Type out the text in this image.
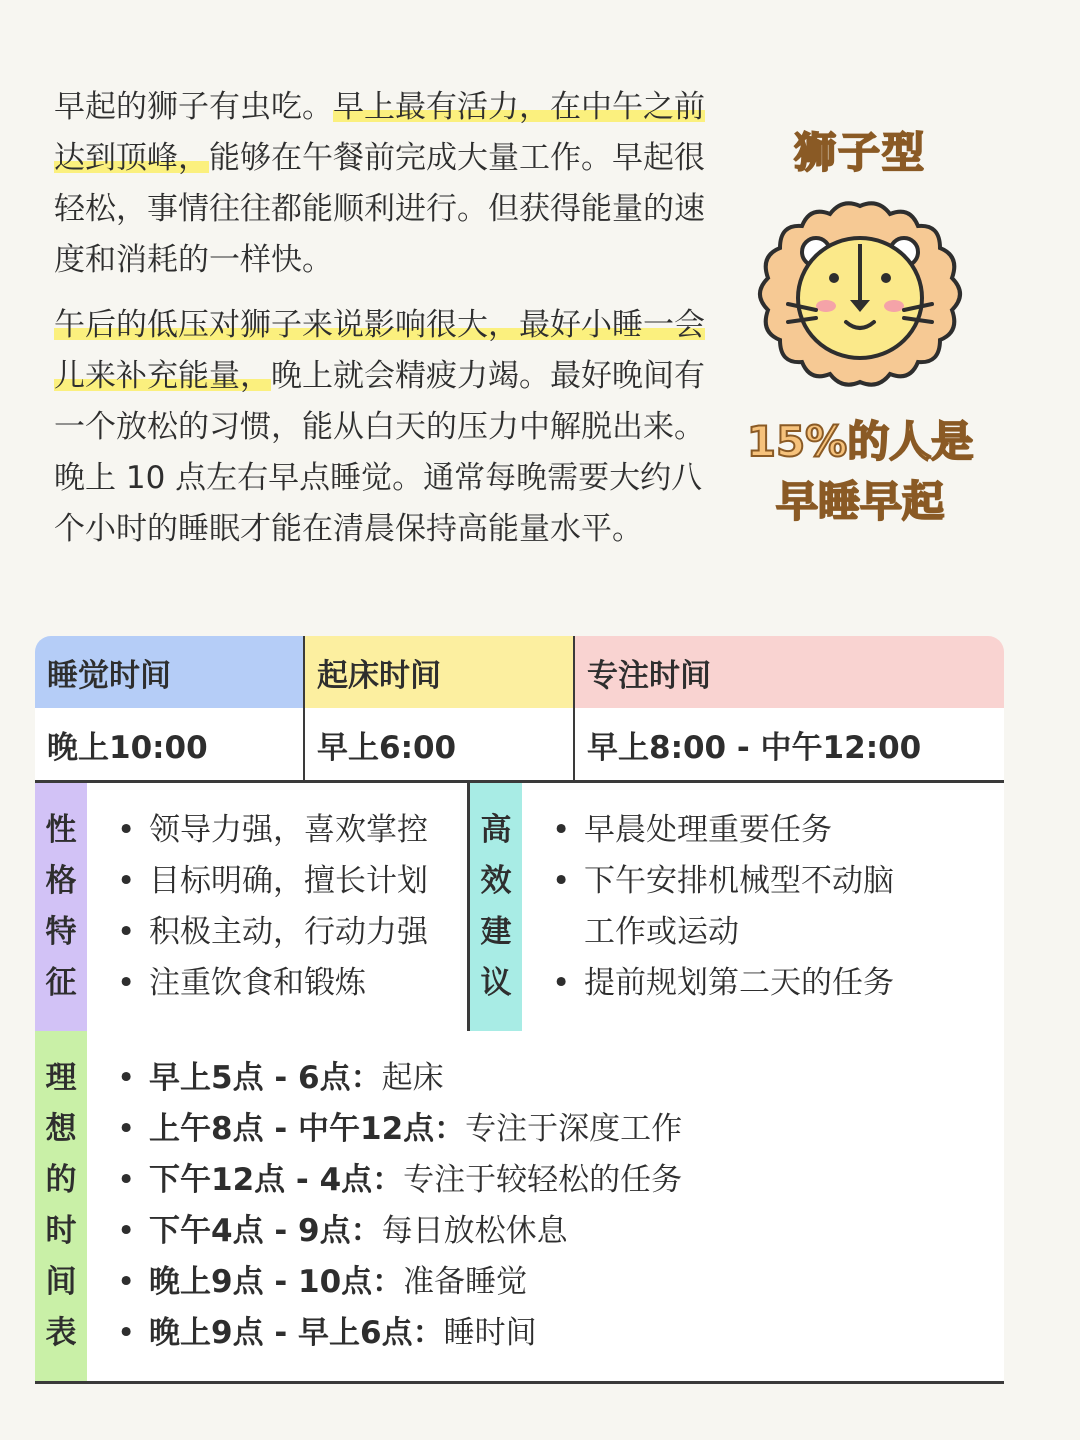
早起的狮子有虫吃。早上最有活力，在中午之前达到顶峰，能够在午餐前完成大量工作。早起很轻松，事情往往都能顺利进行。但获得能量的速度和消耗的一样快。

午后的低压对狮子来说影响很大，最好小睡一会儿来补充能量，晚上就会精疲力竭。最好晚间有一个放松的习惯，能从白天的压力中解脱出来。晚上 10 点左右早点睡觉。通常每晚需要大约八个小时的睡眠才能在清晨保持高能量水平。

狮子型
15%的人是
早睡早起
睡觉时间	起床时间	专注时间
晚上10:00	早上6:00	早上8:00 - 中午12:00
性
格
特
征
• 领导力强，喜欢掌控
• 目标明确，擅长计划
• 积极主动，行动力强
• 注重饮食和锻炼
高
效
建
议
• 早晨处理重要任务
• 下午安排机械型不动脑
工作或运动
• 提前规划第二天的任务
理
想
的
时
间
表
• 早上5点 - 6点：起床
• 上午8点 - 中午12点：专注于深度工作
• 下午12点 - 4点：专注于较轻松的任务
• 下午4点 - 9点：每日放松休息
• 晚上9点 - 10点：准备睡觉
• 晚上9点 - 早上6点：睡时间
